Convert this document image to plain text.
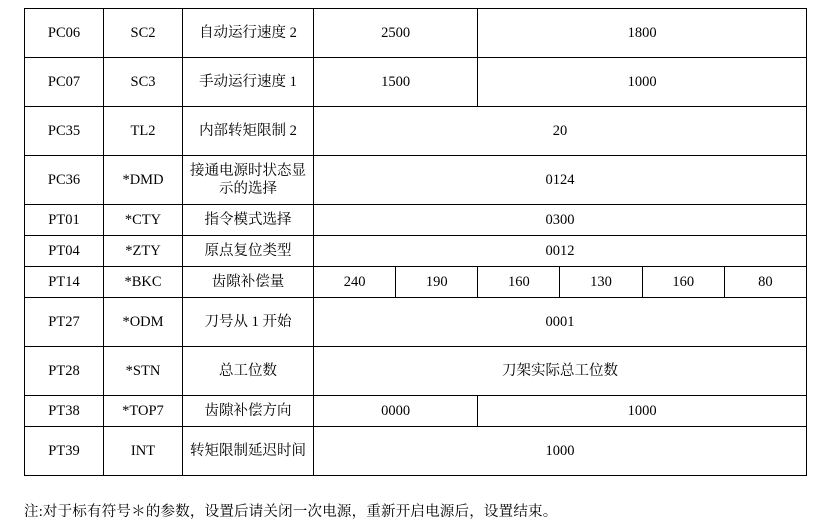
PC06	SC2	自动运行速度 2	2500		1800			
PC07	SC3	手动运行速度 1	1500		1000			
PC35	TL2	内部转矩限制 2	20					
PC36	*DMD	接通电源时状态显示的选择	0124					
PT01	*CTY	指令模式选择	0300					
PT04	*ZTY	原点复位类型	0012					
PT14	*BKC	齿隙补偿量	240	190	160	130	160	80
PT27	*ODM	刀号从 1 开始	0001					
PT28	*STN	总工位数	刀架实际总工位数					
PT38	*TOP7	齿隙补偿方向	0000		1000			
PT39	INT	转矩限制延迟时间	1000					
注:对于标有符号＊的参数，设置后请关闭一次电源，重新开启电源后，设置结束。
